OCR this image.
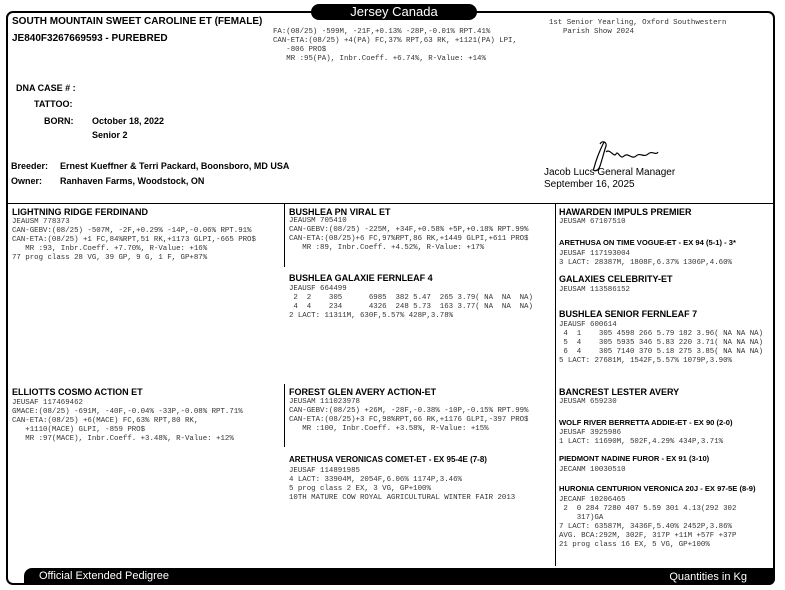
Jersey Canada
SOUTH MOUNTAIN SWEET CAROLINE ET (FEMALE)
JE840F3267669593 - PUREBRED
FA:(08/25) -599M, -21F,+0.13% -28P,-0.01% RPT.41%
CAN-ETA:(08/25) +4(PA) FC,37% RPT,63 RK, +1121(PA) LPI,
-806 PRO$
MR :95(PA), Inbr.Coeff. +6.74%, R-Value: +14%
1st Senior Yearling, Oxford Southwestern
Parish Show 2024
DNA CASE # :
TATTOO:
BORN: October 18, 2022
Senior 2
Breeder: Ernest Kueffner & Terri Packard, Boonsboro, MD USA
Owner: Ranhaven Farms, Woodstock, ON
Jacob Lucs General Manager
September 16, 2025
LIGHTNING RIDGE FERDINAND
JEAUSM 778373
CAN-GEBV:(08/25) -507M, -2F,+0.29% -14P,-0.06% RPT.91%
CAN-ETA:(08/25) +1 FC,84%RPT,51 RK,+1173 GLPI,-665 PRO$
MR :93, Inbr.Coeff. +7.70%, R-Value: +16%
77 prog class 28 VG, 39 GP, 9 G, 1 F, GP+87%
BUSHLEA PN VIRAL ET
JEAUSM 705410
CAN-GEBV:(08/25) -225M, +34F,+0.58% +5P,+0.18% RPT.99%
CAN-ETA:(08/25)+6 FC,97%RPT,86 RK,+1449 GLPI,+611 PRO$
MR :89, Inbr.Coeff. +4.52%, R-Value: +17%
HAWARDEN IMPULS PREMIER
JEUSAM 67107510
ARETHUSA ON TIME VOGUE-ET - EX 94 (5-1) - 3*
JEUSAF 117193004
3 LACT: 28387M, 1808F,6.37% 1306P,4.60%
BUSHLEA GALAXIE FERNLEAF 4
JEAUSF 664499
2  2    305      6985  382 5.47  265 3.79( NA  NA  NA)
4  4    234      4326  248 5.73  163 3.77( NA  NA  NA)
2 LACT: 11311M, 630F,5.57% 428P,3.78%
GALAXIES CELEBRITY-ET
JEUSAM 113586152
BUSHLEA SENIOR FERNLEAF 7
JEAUSF 600614
4  1    305 4598 266 5.79 182 3.96( NA NA NA)
5  4    305 5935 346 5.83 220 3.71( NA NA NA)
6  4    305 7140 370 5.18 275 3.85( NA NA NA)
5 LACT: 27681M, 1542F,5.57% 1079P,3.90%
ELLIOTTS COSMO ACTION ET
JEUSAF 117469462
GMACE:(08/25) -691M, -40F,-0.04% -33P,-0.08% RPT.71%
CAN-ETA:(08/25) +6(MACE) FC,63% RPT,80 RK,
+1110(MACE) GLPI, -859 PRO$
MR :97(MACE), Inbr.Coeff. +3.48%, R-Value: +12%
FOREST GLEN AVERY ACTION-ET
JEUSAM 111023978
CAN-GEBV:(08/25) +26M, -28F,-0.38% -10P,-0.15% RPT.99%
CAN-ETA:(08/25)+3 FC,98%RPT,66 RK,+1176 GLPI,-397 PRO$
MR :100, Inbr.Coeff. +3.58%, R-Value: +15%
BANCREST LESTER AVERY
JEUSAM 659230
WOLF RIVER BERRETTA ADDIE-ET - EX 90 (2-0)
JEUSAF 3925986
1 LACT: 11690M, 502F,4.29% 434P,3.71%
ARETHUSA VERONICAS COMET-ET - EX 95-4E (7-8)
JEUSAF 114891985
4 LACT: 33904M, 2054F,6.06% 1174P,3.46%
5 prog class 2 EX, 3 VG, GP+100%
10TH MATURE COW ROYAL AGRICULTURAL WINTER FAIR 2013
PIEDMONT NADINE FUROR - EX 91 (3-10)
JECANM 10030510
HURONIA CENTURION VERONICA 20J - EX 97-5E (8-9)
JECANF 10206465
2  0 284 7280 407 5.59 301 4.13(292 302
317)GA
7 LACT: 63587M, 3436F,5.40% 2452P,3.86%
AVG. BCA:292M, 302F, 317P +11M +57F +37P
21 prog class 16 EX, 5 VG, GP+100%
Official Extended Pedigree	Quantities in Kg
